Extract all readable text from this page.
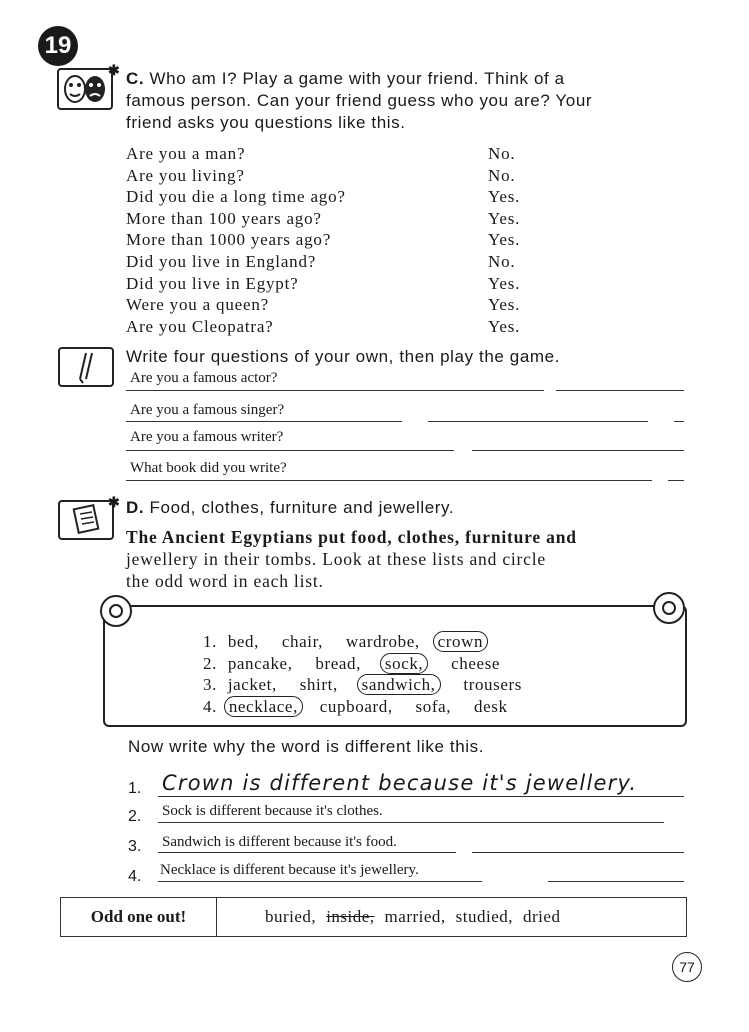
19
✱ C. Who am I? Play a game with your friend. Think of a
famous person. Can your friend guess who you are? Your
friend asks you questions like this.
Are you a man?
Are you living?
Did you die a long time ago?
More than 100 years ago?
More than 1000 years ago?
Did you live in England?
Did you live in Egypt?
Were you a queen?
Are you Cleopatra?
No.
No.
Yes.
Yes.
Yes.
No.
Yes.
Yes.
Yes.
Write four questions of your own, then play the game.
Are you a famous actor?
Are you a famous singer?
Are you a famous writer?
What book did you write?
✱ D. Food, clothes, furniture and jewellery.
The Ancient Egyptians put food, clothes, furniture and
jewellery in their tombs. Look at these lists and circle
the odd word in each list.
1. bed, chair, wardrobe, crown
2. pancake, bread, sock, cheese
3. jacket, shirt, sandwich, trousers
4. necklace, cupboard, sofa, desk
Now write why the word is different like this.
1. Crown is different because it's jewellery.
2. Sock is different because it's clothes.
3. Sandwich is different because it's food.
4. Necklace is different because it's jewellery.
Odd one out!	buried, inside, married, studied, dried
77
